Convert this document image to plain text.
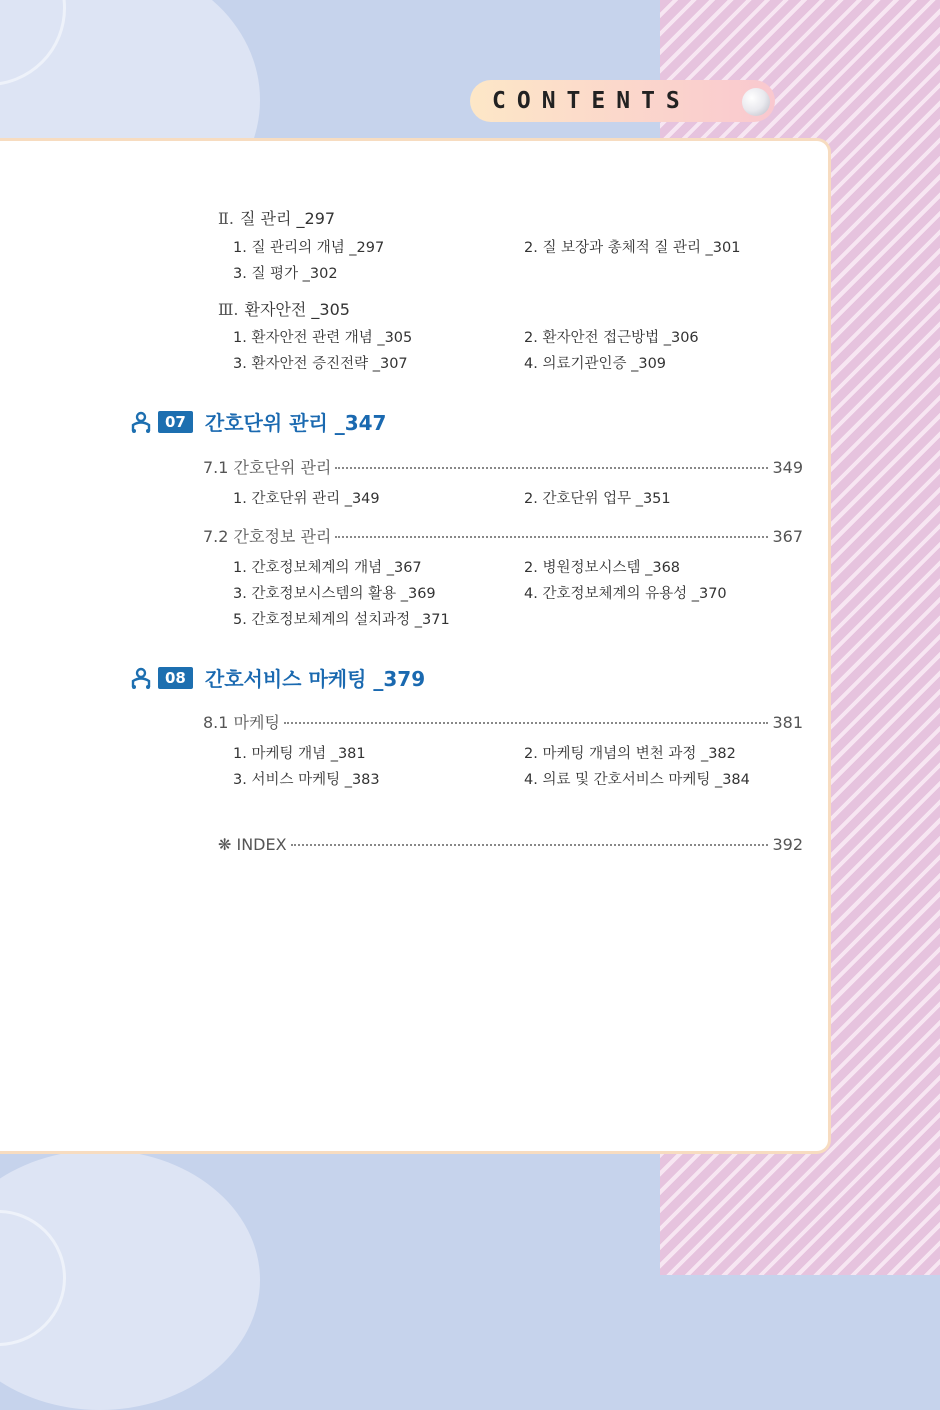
CONTENTS
Ⅱ. 질 관리 _297
1. 질 관리의 개념 _297	2. 질 보장과 총체적 질 관리 _301
3. 질 평가 _302
Ⅲ. 환자안전 _305
1. 환자안전 관련 개념 _305	2. 환자안전 접근방법 _306
3. 환자안전 증진전략 _307	4. 의료기관인증 _309
07 간호단위 관리 _347
7.1 간호단위 관리	349
1. 간호단위 관리 _349	2. 간호단위 업무 _351
7.2 간호정보 관리	367
1. 간호정보체계의 개념 _367	2. 병원정보시스템 _368
3. 간호정보시스템의 활용 _369	4. 간호정보체계의 유용성 _370
5. 간호정보체계의 설치과정 _371
08 간호서비스 마케팅 _379
8.1 마케팅	381
1. 마케팅 개념 _381	2. 마케팅 개념의 변천 과정 _382
3. 서비스 마케팅 _383	4. 의료 및 간호서비스 마케팅 _384
❋ INDEX	392
